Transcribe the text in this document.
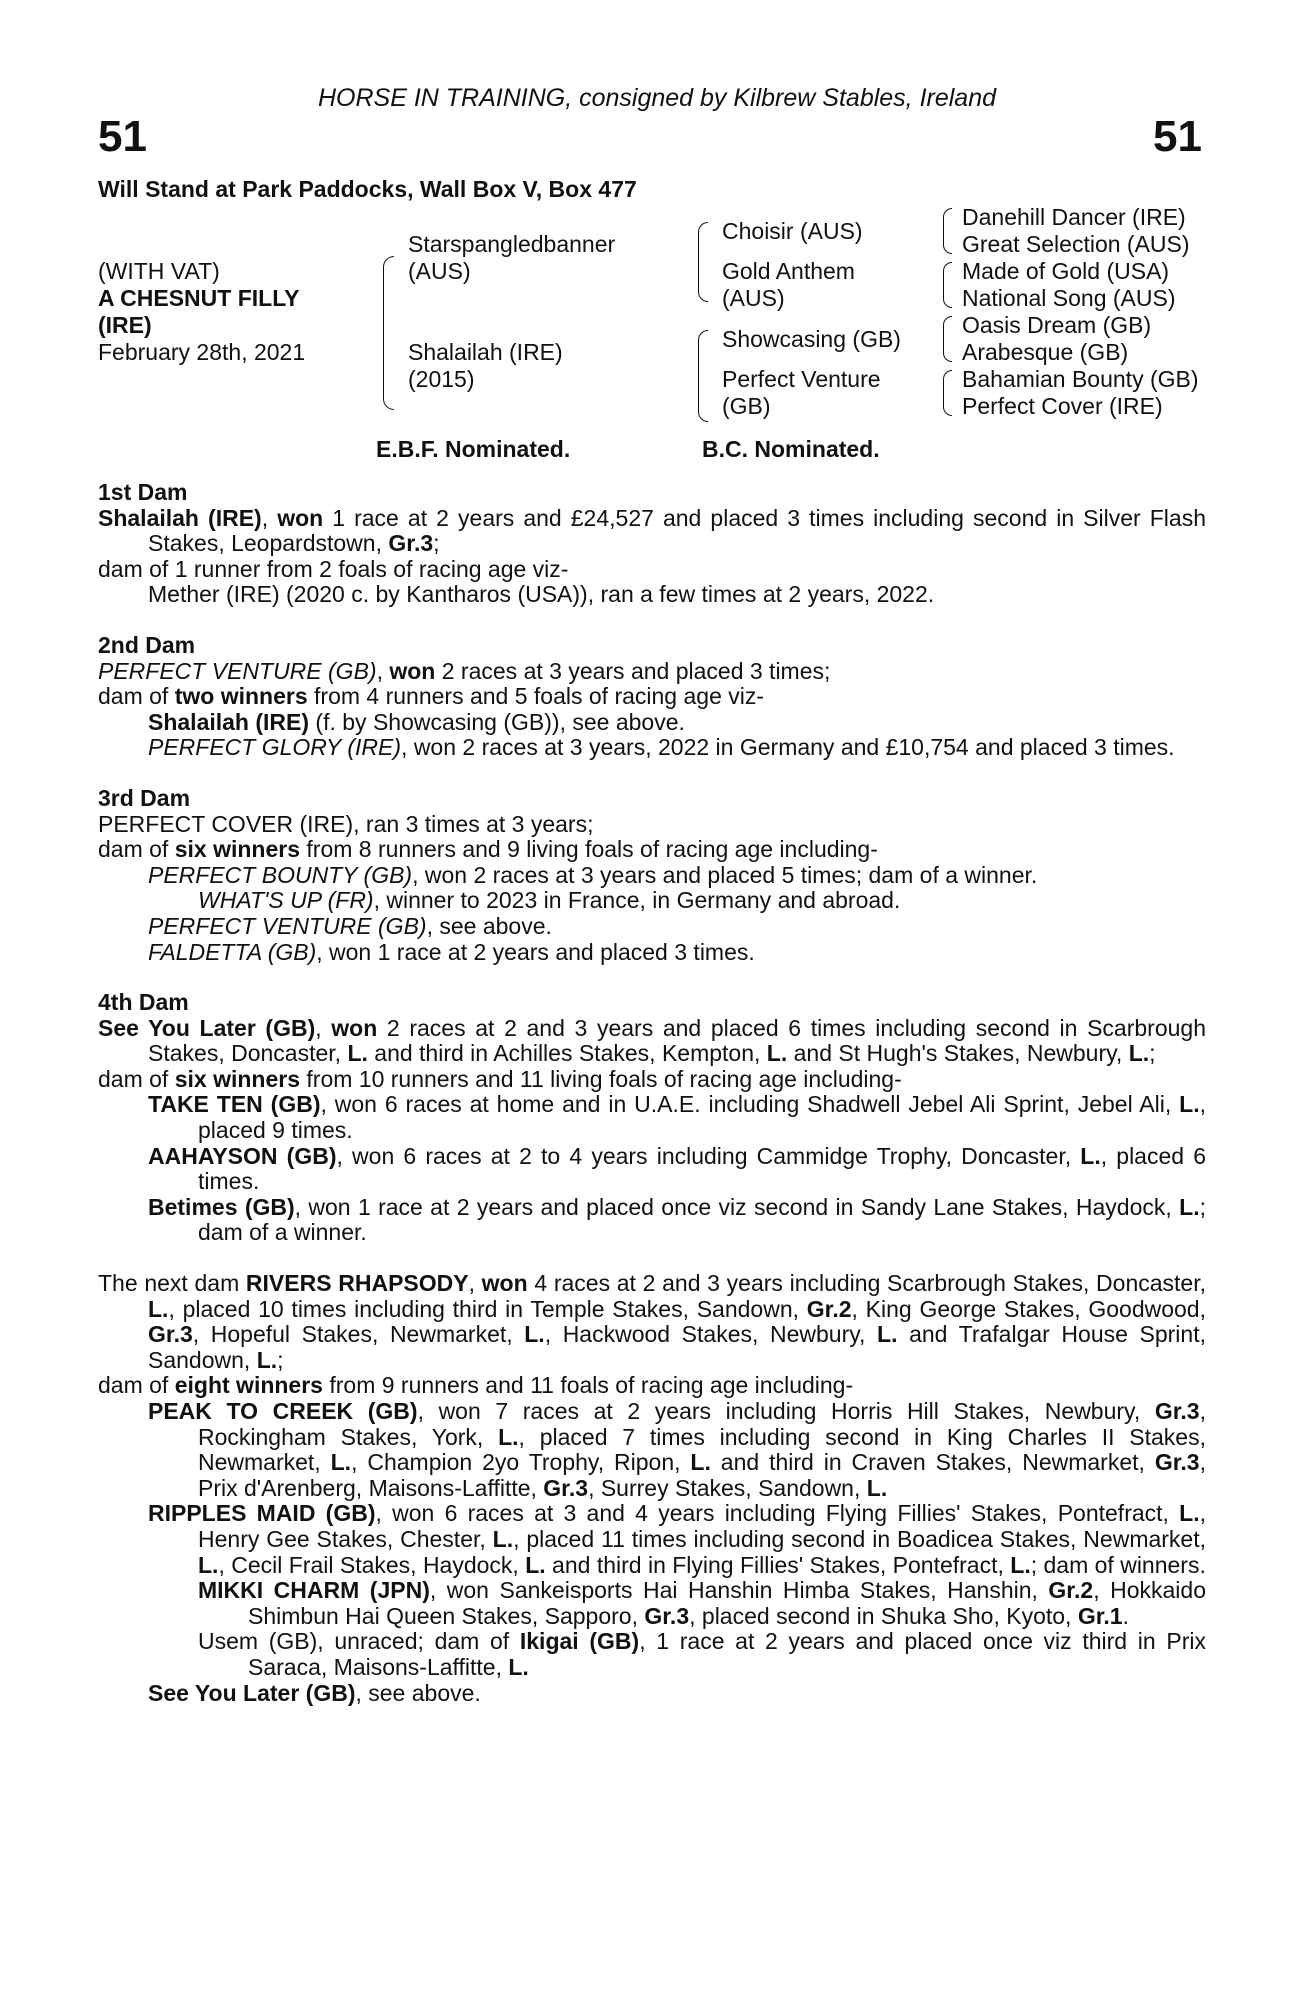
HORSE IN TRAINING, consigned by Kilbrew Stables, Ireland
51	51
Will Stand at Park Paddocks, Wall Box V, Box 477
(WITH VAT)
A CHESNUT FILLY
(IRE)
February 28th, 2021
Starspangledbanner
(AUS)
Shalailah (IRE)
(2015)
Choisir (AUS)
Gold Anthem
(AUS)
Showcasing (GB)
Perfect Venture
(GB)
Danehill Dancer (IRE)
Great Selection (AUS)
Made of Gold (USA)
National Song (AUS)
Oasis Dream (GB)
Arabesque (GB)
Bahamian Bounty (GB)
Perfect Cover (IRE)
E.B.F. Nominated.	B.C. Nominated.
1st Dam
Shalailah (IRE), won 1 race at 2 years and £24,527 and placed 3 times including second in Silver Flash Stakes, Leopardstown, Gr.3;
dam of 1 runner from 2 foals of racing age viz-
Mether (IRE) (2020 c. by Kantharos (USA)), ran a few times at 2 years, 2022.
2nd Dam
PERFECT VENTURE (GB), won 2 races at 3 years and placed 3 times;
dam of two winners from 4 runners and 5 foals of racing age viz-
Shalailah (IRE) (f. by Showcasing (GB)), see above.
PERFECT GLORY (IRE), won 2 races at 3 years, 2022 in Germany and £10,754 and placed 3 times.
3rd Dam
PERFECT COVER (IRE), ran 3 times at 3 years;
dam of six winners from 8 runners and 9 living foals of racing age including-
PERFECT BOUNTY (GB), won 2 races at 3 years and placed 5 times; dam of a winner.
WHAT'S UP (FR), winner to 2023 in France, in Germany and abroad.
PERFECT VENTURE (GB), see above.
FALDETTA (GB), won 1 race at 2 years and placed 3 times.
4th Dam
See You Later (GB), won 2 races at 2 and 3 years and placed 6 times including second in Scarbrough Stakes, Doncaster, L. and third in Achilles Stakes, Kempton, L. and St Hugh's Stakes, Newbury, L.;
dam of six winners from 10 runners and 11 living foals of racing age including-
TAKE TEN (GB), won 6 races at home and in U.A.E. including Shadwell Jebel Ali Sprint, Jebel Ali, L., placed 9 times.
AAHAYSON (GB), won 6 races at 2 to 4 years including Cammidge Trophy, Doncaster, L., placed 6 times.
Betimes (GB), won 1 race at 2 years and placed once viz second in Sandy Lane Stakes, Haydock, L.; dam of a winner.
The next dam RIVERS RHAPSODY, won 4 races at 2 and 3 years including Scarbrough Stakes, Doncaster, L., placed 10 times including third in Temple Stakes, Sandown, Gr.2, King George Stakes, Goodwood, Gr.3, Hopeful Stakes, Newmarket, L., Hackwood Stakes, Newbury, L. and Trafalgar House Sprint, Sandown, L.;
dam of eight winners from 9 runners and 11 foals of racing age including-
PEAK TO CREEK (GB), won 7 races at 2 years including Horris Hill Stakes, Newbury, Gr.3, Rockingham Stakes, York, L., placed 7 times including second in King Charles II Stakes, Newmarket, L., Champion 2yo Trophy, Ripon, L. and third in Craven Stakes, Newmarket, Gr.3, Prix d'Arenberg, Maisons-Laffitte, Gr.3, Surrey Stakes, Sandown, L.
RIPPLES MAID (GB), won 6 races at 3 and 4 years including Flying Fillies' Stakes, Pontefract, L., Henry Gee Stakes, Chester, L., placed 11 times including second in Boadicea Stakes, Newmarket, L., Cecil Frail Stakes, Haydock, L. and third in Flying Fillies' Stakes, Pontefract, L.; dam of winners.
MIKKI CHARM (JPN), won Sankeisports Hai Hanshin Himba Stakes, Hanshin, Gr.2, Hokkaido Shimbun Hai Queen Stakes, Sapporo, Gr.3, placed second in Shuka Sho, Kyoto, Gr.1.
Usem (GB), unraced; dam of Ikigai (GB), 1 race at 2 years and placed once viz third in Prix Saraca, Maisons-Laffitte, L.
See You Later (GB), see above.
